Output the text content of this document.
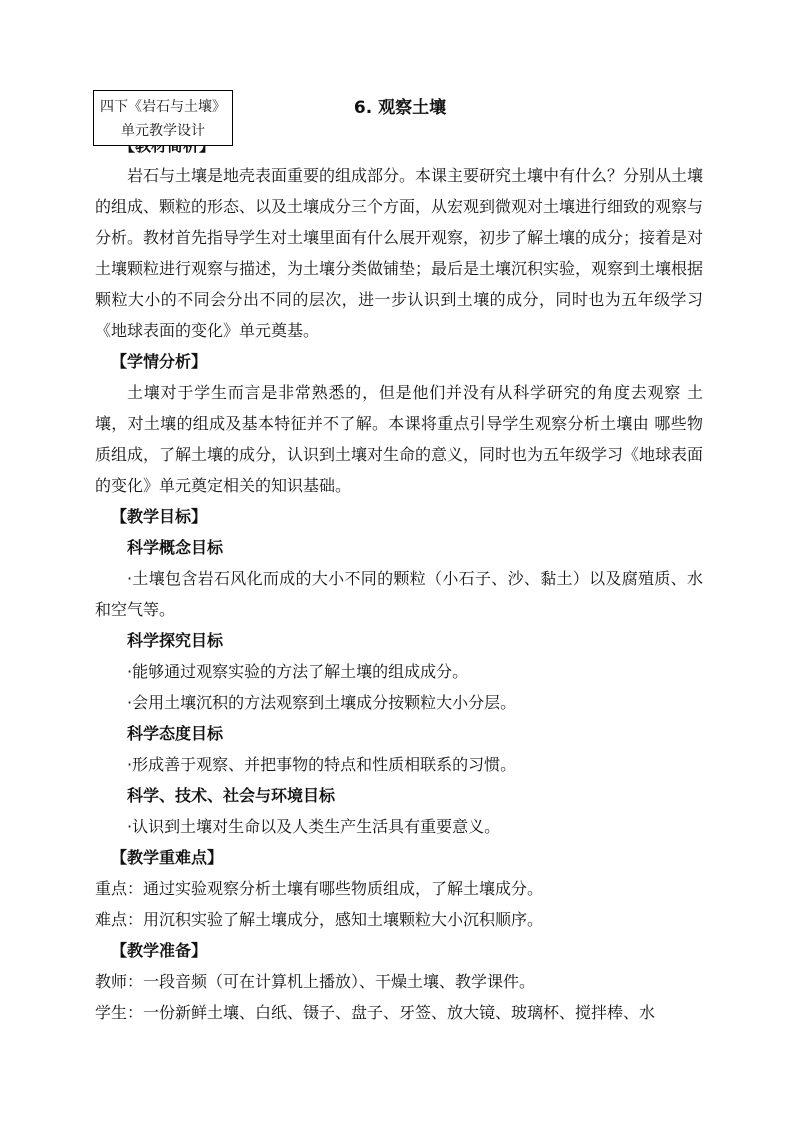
四下《岩石与土壤》
单元教学设计
6. 观察土壤

岩石与土壤是地壳表面重要的组成部分。本课主要研究土壤中有什么？分别从土壤的组成、颗粒的形态、以及土壤成分三个方面，从宏观到微观对土壤进行细致的观察与分析。教材首先指导学生对土壤里面有什么展开观察，初步了解土壤的成分；接着是对土壤颗粒进行观察与描述，为土壤分类做铺垫；最后是土壤沉积实验，观察到土壤根据颗粒大小的不同会分出不同的层次，进一步认识到土壤的成分，同时也为五年级学习《地球表面的变化》单元奠基。

【学情分析】

土壤对于学生而言是非常熟悉的，但是他们并没有从科学研究的角度去观察 土壤，对土壤的组成及基本特征并不了解。本课将重点引导学生观察分析土壤由 哪些物质组成，了解土壤的成分，认识到土壤对生命的意义，同时也为五年级学习《地球表面的变化》单元奠定相关的知识基础。

【教学目标】

科学概念目标

·土壤包含岩石风化而成的大小不同的颗粒（小石子、沙、黏土）以及腐殖质、水和空气等。

科学探究目标

·能够通过观察实验的方法了解土壤的组成成分。

·会用土壤沉积的方法观察到土壤成分按颗粒大小分层。

科学态度目标

·形成善于观察、并把事物的特点和性质相联系的习惯。

科学、技术、社会与环境目标

·认识到土壤对生命以及人类生产生活具有重要意义。

【教学重难点】

重点：通过实验观察分析土壤有哪些物质组成，了解土壤成分。

难点：用沉积实验了解土壤成分，感知土壤颗粒大小沉积顺序。

【教学准备】

教师：一段音频（可在计算机上播放）、干燥土壤、教学课件。

学生：一份新鲜土壤、白纸、镊子、盘子、牙签、放大镜、玻璃杯、搅拌棒、水
